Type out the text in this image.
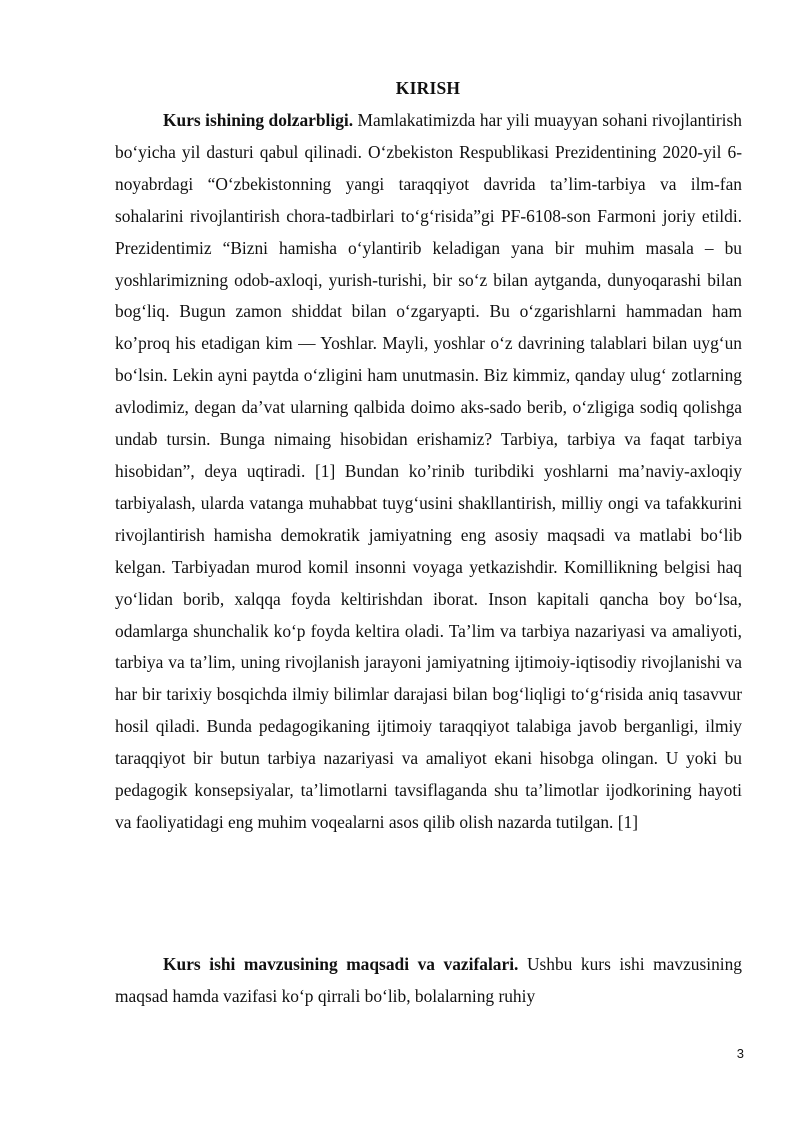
KIRISH

Kurs ishining dolzarbligi. Mamlakatimizda har yili muayyan sohani rivojlantirish bo‘yicha yil dasturi qabul qilinadi. O‘zbekiston Respublikasi Prezidentining 2020-yil 6-noyabrdagi “O‘zbekistonning yangi taraqqiyot davrida ta’lim-tarbiya va ilm-fan sohalarini rivojlantirish chora-tadbirlari to‘g‘risida”gi PF-6108-son Farmoni joriy etildi. Prezidentimiz “Bizni hamisha o‘ylantirib keladigan yana bir muhim masala – bu yoshlarimizning odob-axloqi, yurish-turishi, bir so‘z bilan aytganda, dunyoqarashi bilan bog‘liq. Bugun zamon shiddat bilan o‘zgaryapti. Bu o‘zgarishlarni hammadan ham ko’proq his etadigan kim — Yoshlar. Mayli, yoshlar o‘z davrining talablari bilan uyg‘un bo‘lsin. Lekin ayni paytda o‘zligini ham unutmasin. Biz kimmiz, qanday ulug‘ zotlarning avlodimiz, degan da’vat ularning qalbida doimo aks-sado berib, o‘zligiga sodiq qolishga undab tursin. Bunga nimaing hisobidan erishamiz? Tarbiya, tarbiya va faqat tarbiya hisobidan”, deya uqtiradi. [1] Bundan ko’rinib turibdiki yoshlarni ma’naviy-axloqiy tarbiyalash, ularda vatanga muhabbat tuyg‘usini shakllantirish, milliy ongi va tafakkurini rivojlantirish hamisha demokratik jamiyatning eng asosiy maqsadi va matlabi bo‘lib kelgan. Tarbiyadan murod komil insonni voyaga yetkazishdir. Komillikning belgisi haq yo‘lidan borib, xalqqa foyda keltirishdan iborat. Inson kapitali qancha boy bo‘lsa, odamlarga shunchalik ko‘p foyda keltira oladi. Ta’lim va tarbiya nazariyasi va amaliyoti, tarbiya va ta’lim, uning rivojlanish jarayoni jamiyatning ijtimoiy-iqtisodiy rivojlanishi va har bir tarixiy bosqichda ilmiy bilimlar darajasi bilan bog‘liqligi to‘g‘risida aniq tasavvur hosil qiladi. Bunda pedagogikaning ijtimoiy taraqqiyot talabiga javob berganligi, ilmiy taraqqiyot bir butun tarbiya nazariyasi va amaliyot ekani hisobga olingan. U yoki bu pedagogik konsepsiyalar, ta’limotlarni tavsiflaganda shu ta’limotlar ijodkorining hayoti va faoliyatidagi eng muhim voqealarni asos qilib olish nazarda tutilgan. [1]

Kurs ishi mavzusining maqsadi va vazifalari. Ushbu kurs ishi mavzusining maqsad hamda vazifasi ko‘p qirrali bo‘lib, bolalarning ruhiy

3
